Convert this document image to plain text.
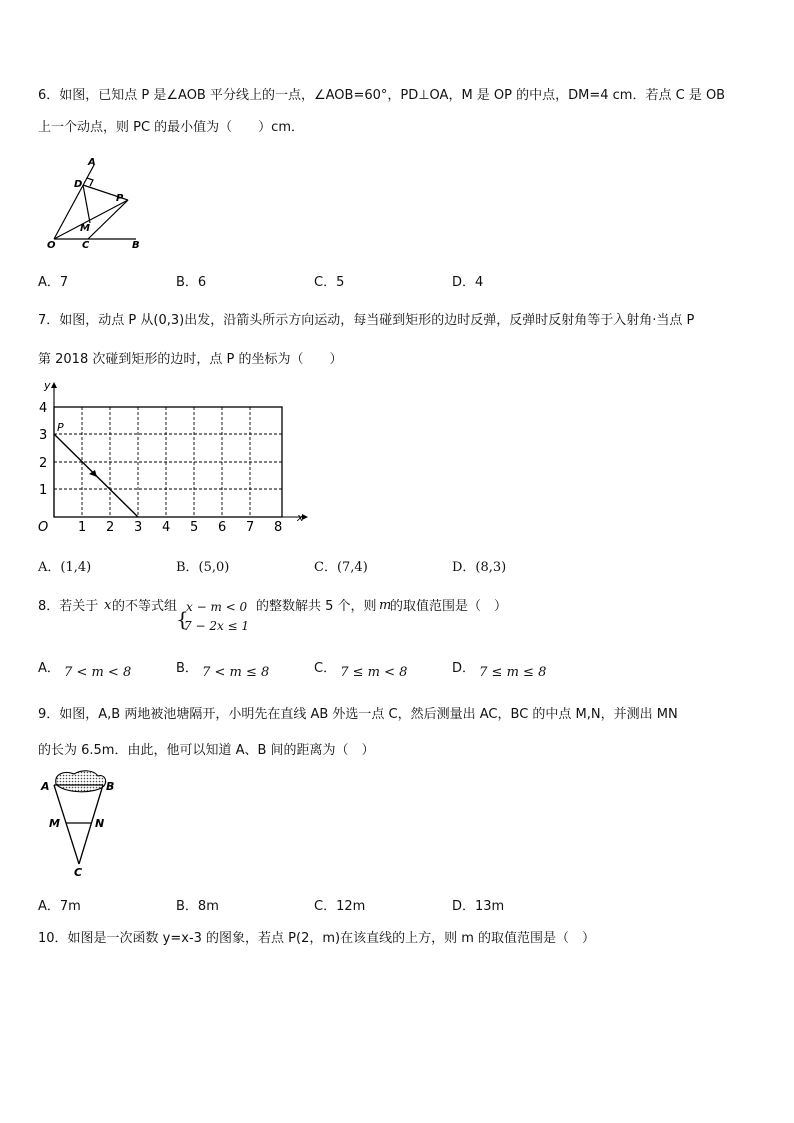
6．如图，已知点 P 是∠AOB 平分线上的一点，∠AOB=60°，PD⊥OA，M 是 OP 的中点，DM=4 cm．若点 C 是 OB
上一个动点，则 PC 的最小值为（　　）cm．
A
D
P
M
O	C	B
A．7	B．6	C．5	D．4
7．如图，动点 P 从(0,3)出发，沿箭头所示方向运动，每当碰到矩形的边时反弹，反弹时反射角等于入射角·当点 P
第 2018 次碰到矩形的边时，点 P 的坐标为（　　）
y
x
O
P
1 2 3 4 5 6 7 8
1
2
3
4
A．(1,4)	B．(5,0)	C．(7,4)	D．(8,3)
8．若关于 x 的不等式组
{
x − m < 0
7 − 2x ≤ 1
的整数解共 5 个，则 m
的取值范围是（　）
A． 7 < m < 8	B． 7 < m ≤ 8	C． 7 ≤ m < 8	D． 7 ≤ m ≤ 8
9．如图，A,B 两地被池塘隔开，小明先在直线 AB 外选一点 C，然后测量出 AC，BC 的中点 M,N，并测出 MN
的长为 6.5m．由此，他可以知道 A、B 间的距离为（　）
A	B
M	N
C
A．7m	B．8m	C．12m	D．13m
10．如图是一次函数 y=x-3 的图象，若点 P(2，m)在该直线的上方，则 m 的取值范围是（　）
